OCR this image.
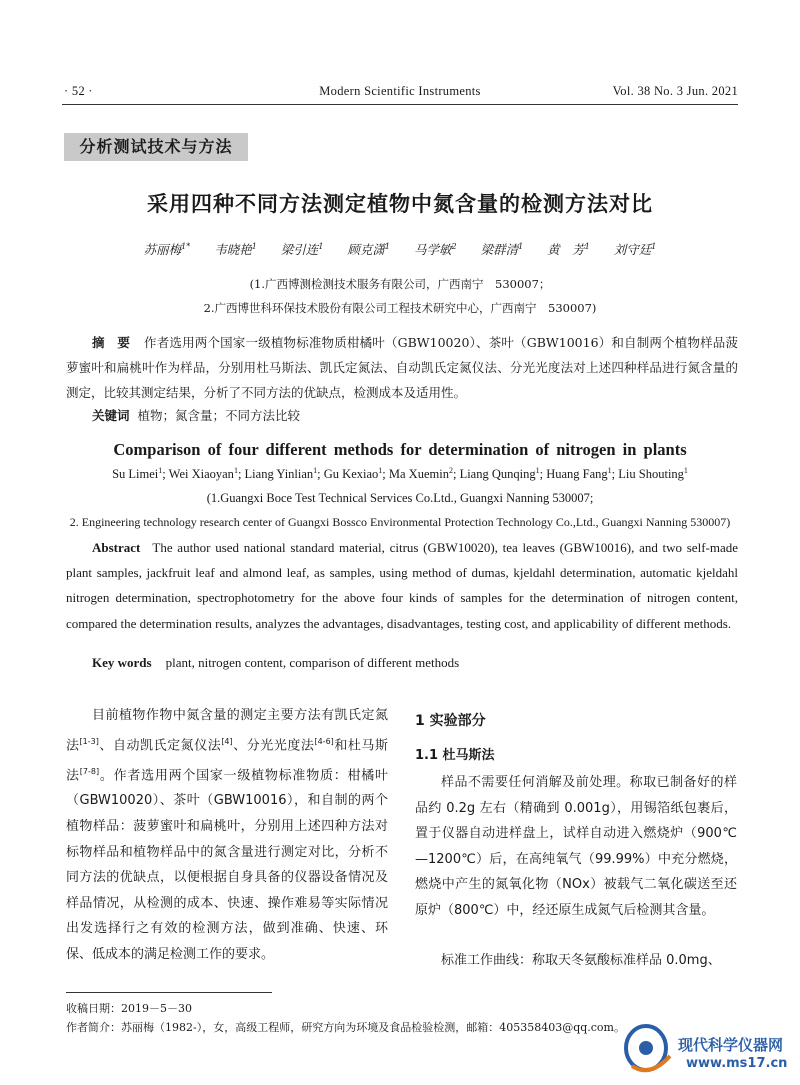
· 52 ·	Modern Scientific Instruments	Vol. 38 No. 3 Jun. 2021
分析测试技术与方法
采用四种不同方法测定植物中氮含量的检测方法对比
苏丽梅$^{1*}$ 韦晓艳$^1$ 梁引连$^1$ 顾克潇$^1$ 马学敏$^2$ 梁群清$^1$ 黄　芳$^1$ 刘守廷$^1$
(1.广西博测检测技术服务有限公司，广西南宁　530007；
2.广西博世科环保技术股份有限公司工程技术研究中心，广西南宁　530007)
摘　要 作者选用两个国家一级植物标准物质柑橘叶（GBW10020）、茶叶（GBW10016）和自制两个植物样品菠萝蜜叶和扁桃叶作为样品，分别用杜马斯法、凯氏定氮法、自动凯氏定氮仪法、分光光度法对上述四种样品进行氮含量的测定，比较其测定结果，分析了不同方法的优缺点，检测成本及适用性。
关键词 植物；氮含量；不同方法比较
Comparison of four different methods for determination of nitrogen in plants
Su Limei$^1$; Wei Xiaoyan$^1$; Liang Yinlian$^1$; Gu Kexiao$^1$; Ma Xuemin$^2$; Liang Qunqing$^1$; Huang Fang$^1$; Liu Shouting$^1$
(1.Guangxi Boce Test Technical Services Co.Ltd., Guangxi Nanning 530007;
2. Engineering technology research center of Guangxi Bossco Environmental Protection Technology Co.,Ltd., Guangxi Nanning 530007)
Abstract The author used national standard material, citrus (GBW10020), tea leaves (GBW10016), and two self-made plant samples, jackfruit leaf and almond leaf, as samples, using method of dumas, kjeldahl determination, automatic kjeldahl nitrogen determination, spectrophotometry for the above four kinds of samples for the determination of nitrogen content, compared the determination results, analyzes the advantages, disadvantages, testing cost, and applicability of different methods.
Key words plant, nitrogen content, comparison of different methods
目前植物作物中氮含量的测定主要方法有凯氏定氮法[1-3]、自动凯氏定氮仪法[4]、分光光度法[4-6]和杜马斯法[7-8]。作者选用两个国家一级植物标准物质：柑橘叶（GBW10020）、茶叶（GBW10016），和自制的两个植物样品：菠萝蜜叶和扁桃叶，分别用上述四种方法对标物样品和植物样品中的氮含量进行测定对比，分析不同方法的优缺点，以便根据自身具备的仪器设备情况及样品情况，从检测的成本、快速、操作难易等实际情况出发选择行之有效的检测方法，做到准确、快速、环保、低成本的满足检测工作的要求。
1 实验部分
1.1 杜马斯法
样品不需要任何消解及前处理。称取已制备好的样品约 0.2g 左右（精确到 0.001g），用锡箔纸包裹后，置于仪器自动进样盘上，试样自动进入燃烧炉（900℃—1200℃）后，在高纯氧气（99.99%）中充分燃烧，燃烧中产生的氮氧化物（NOx）被载气二氧化碳送至还原炉（800℃）中，经还原生成氮气后检测其含量。
标准工作曲线：称取天冬氨酸标准样品 0.0mg、
收稿日期：2019－5－30
作者简介：苏丽梅（1982-），女，高级工程师，研究方向为环境及食品检验检测，邮箱：405358403@qq.com。
现代科学仪器网
www.ms17.cn
